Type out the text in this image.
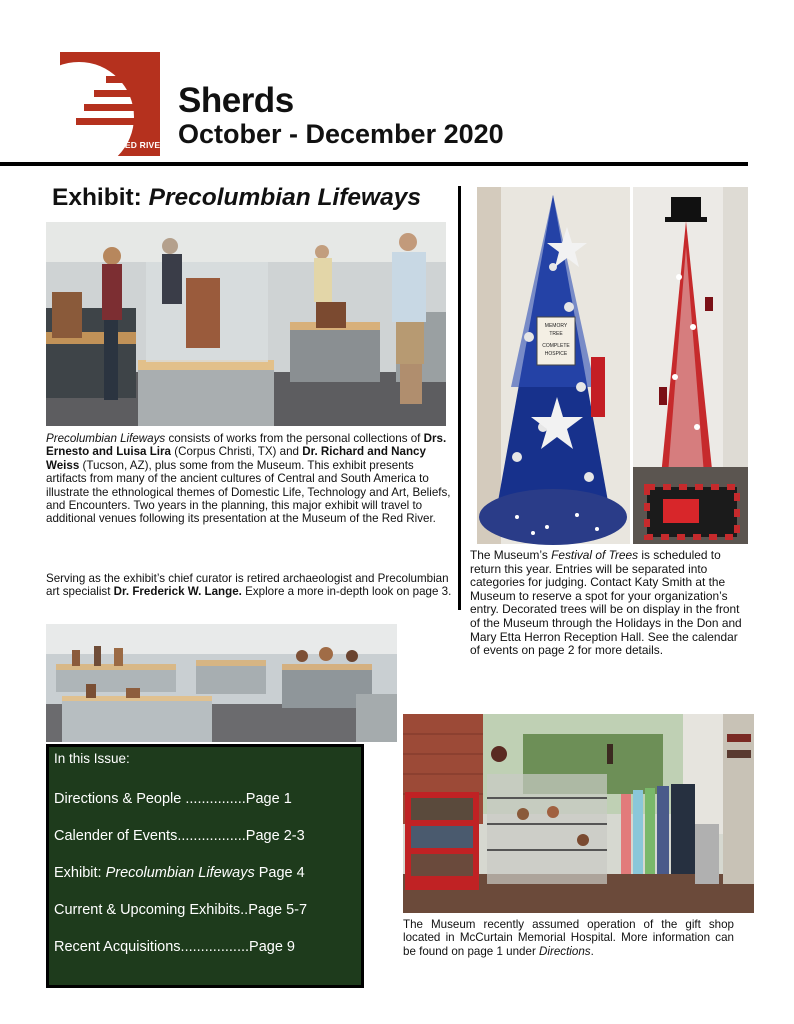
$MUSEUM^{OF THE}RED$ RIVER
Sherds
October - December 2020
Exhibit: Precolumbian Lifeways
Precolumbian Lifeways consists of works from the personal collections of Drs. Ernesto and Luisa Lira (Corpus Christi, TX) and Dr. Richard and Nancy Weiss (Tucson, AZ), plus some from the Museum. This exhibit presents artifacts from many of the ancient cultures of Central and South America to illustrate the ethnological themes of Domestic Life, Technology and Art, Beliefs, and Encounters. Two years in the planning, this major exhibit will travel to additional venues following its presentation at the Museum of the Red River.
Serving as the exhibit’s chief curator is retired archaeologist and Precolumbian art specialist Dr. Frederick W. Lange. Explore a more in-depth look on page 3.
MEMORY
TREE
COMPLETE
HOSPICE
The Museum’s Festival of Trees is scheduled to return this year. Entries will be separated into categories for judging. Contact Katy Smith at the Museum to reserve a spot for your organization’s entry. Decorated trees will be on display in the front of the Museum through the Holidays in the Don and Mary Etta Herron Reception Hall. See the calendar of events on page 2 for more details.
The Museum recently assumed operation of the gift shop located in McCurtain Memorial Hospital. More information can be found on page 1 under Directions.
In this Issue:
Directions & People ...............Page 1
Calender of Events.................Page 2-3
Exhibit: Precolumbian Lifeways Page 4
Current & Upcoming Exhibits..Page 5-7
Recent Acquisitions.................Page 9
